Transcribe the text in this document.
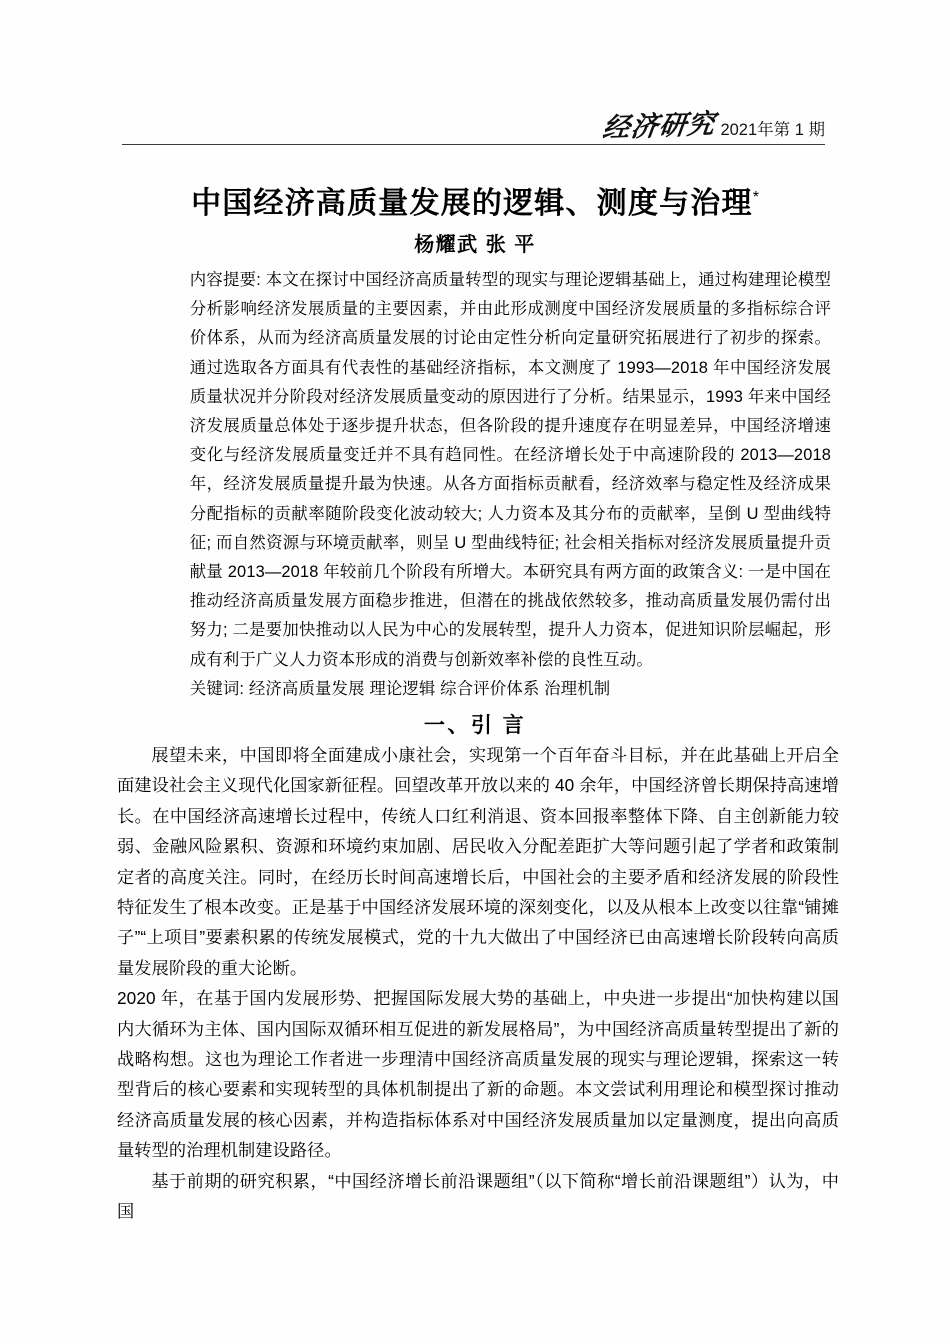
经济研究 2021年第 1 期
中国经济高质量发展的逻辑、测度与治理*
杨耀武 张 平
内容提要: 本文在探讨中国经济高质量转型的现实与理论逻辑基础上，通过构建理论模型分析影响经济发展质量的主要因素，并由此形成测度中国经济发展质量的多指标综合评价体系，从而为经济高质量发展的讨论由定性分析向定量研究拓展进行了初步的探索。通过选取各方面具有代表性的基础经济指标，本文测度了 1993—2018 年中国经济发展质量状况并分阶段对经济发展质量变动的原因进行了分析。结果显示，1993 年来中国经济发展质量总体处于逐步提升状态，但各阶段的提升速度存在明显差异，中国经济增速变化与经济发展质量变迁并不具有趋同性。在经济增长处于中高速阶段的 2013—2018 年，经济发展质量提升最为快速。从各方面指标贡献看，经济效率与稳定性及经济成果分配指标的贡献率随阶段变化波动较大; 人力资本及其分布的贡献率，呈倒 U 型曲线特征; 而自然资源与环境贡献率，则呈 U 型曲线特征; 社会相关指标对经济发展质量提升贡献量 2013—2018 年较前几个阶段有所增大。本研究具有两方面的政策含义: 一是中国在推动经济高质量发展方面稳步推进，但潜在的挑战依然较多，推动高质量发展仍需付出努力; 二是要加快推动以人民为中心的发展转型，提升人力资本，促进知识阶层崛起，形成有利于广义人力资本形成的消费与创新效率补偿的良性互动。
关键词: 经济高质量发展 理论逻辑 综合评价体系 治理机制
一、引 言

展望未来，中国即将全面建成小康社会，实现第一个百年奋斗目标，并在此基础上开启全面建设社会主义现代化国家新征程。回望改革开放以来的 40 余年，中国经济曾长期保持高速增长。在中国经济高速增长过程中，传统人口红利消退、资本回报率整体下降、自主创新能力较弱、金融风险累积、资源和环境约束加剧、居民收入分配差距扩大等问题引起了学者和政策制定者的高度关注。同时，在经历长时间高速增长后，中国社会的主要矛盾和经济发展的阶段性特征发生了根本改变。正是基于中国经济发展环境的深刻变化，以及从根本上改变以往靠“铺摊子”“上项目”要素积累的传统发展模式，党的十九大做出了中国经济已由高速增长阶段转向高质量发展阶段的重大论断。

2020 年，在基于国内发展形势、把握国际发展大势的基础上，中央进一步提出“加快构建以国内大循环为主体、国内国际双循环相互促进的新发展格局”，为中国经济高质量转型提出了新的战略构想。这也为理论工作者进一步理清中国经济高质量发展的现实与理论逻辑，探索这一转型背后的核心要素和实现转型的具体机制提出了新的命题。本文尝试利用理论和模型探讨推动经济高质量发展的核心因素，并构造指标体系对中国经济发展质量加以定量测度，提出向高质量转型的治理机制建设路径。

基于前期的研究积累，“中国经济增长前沿课题组”（以下简称“增长前沿课题组”）认为，中国
